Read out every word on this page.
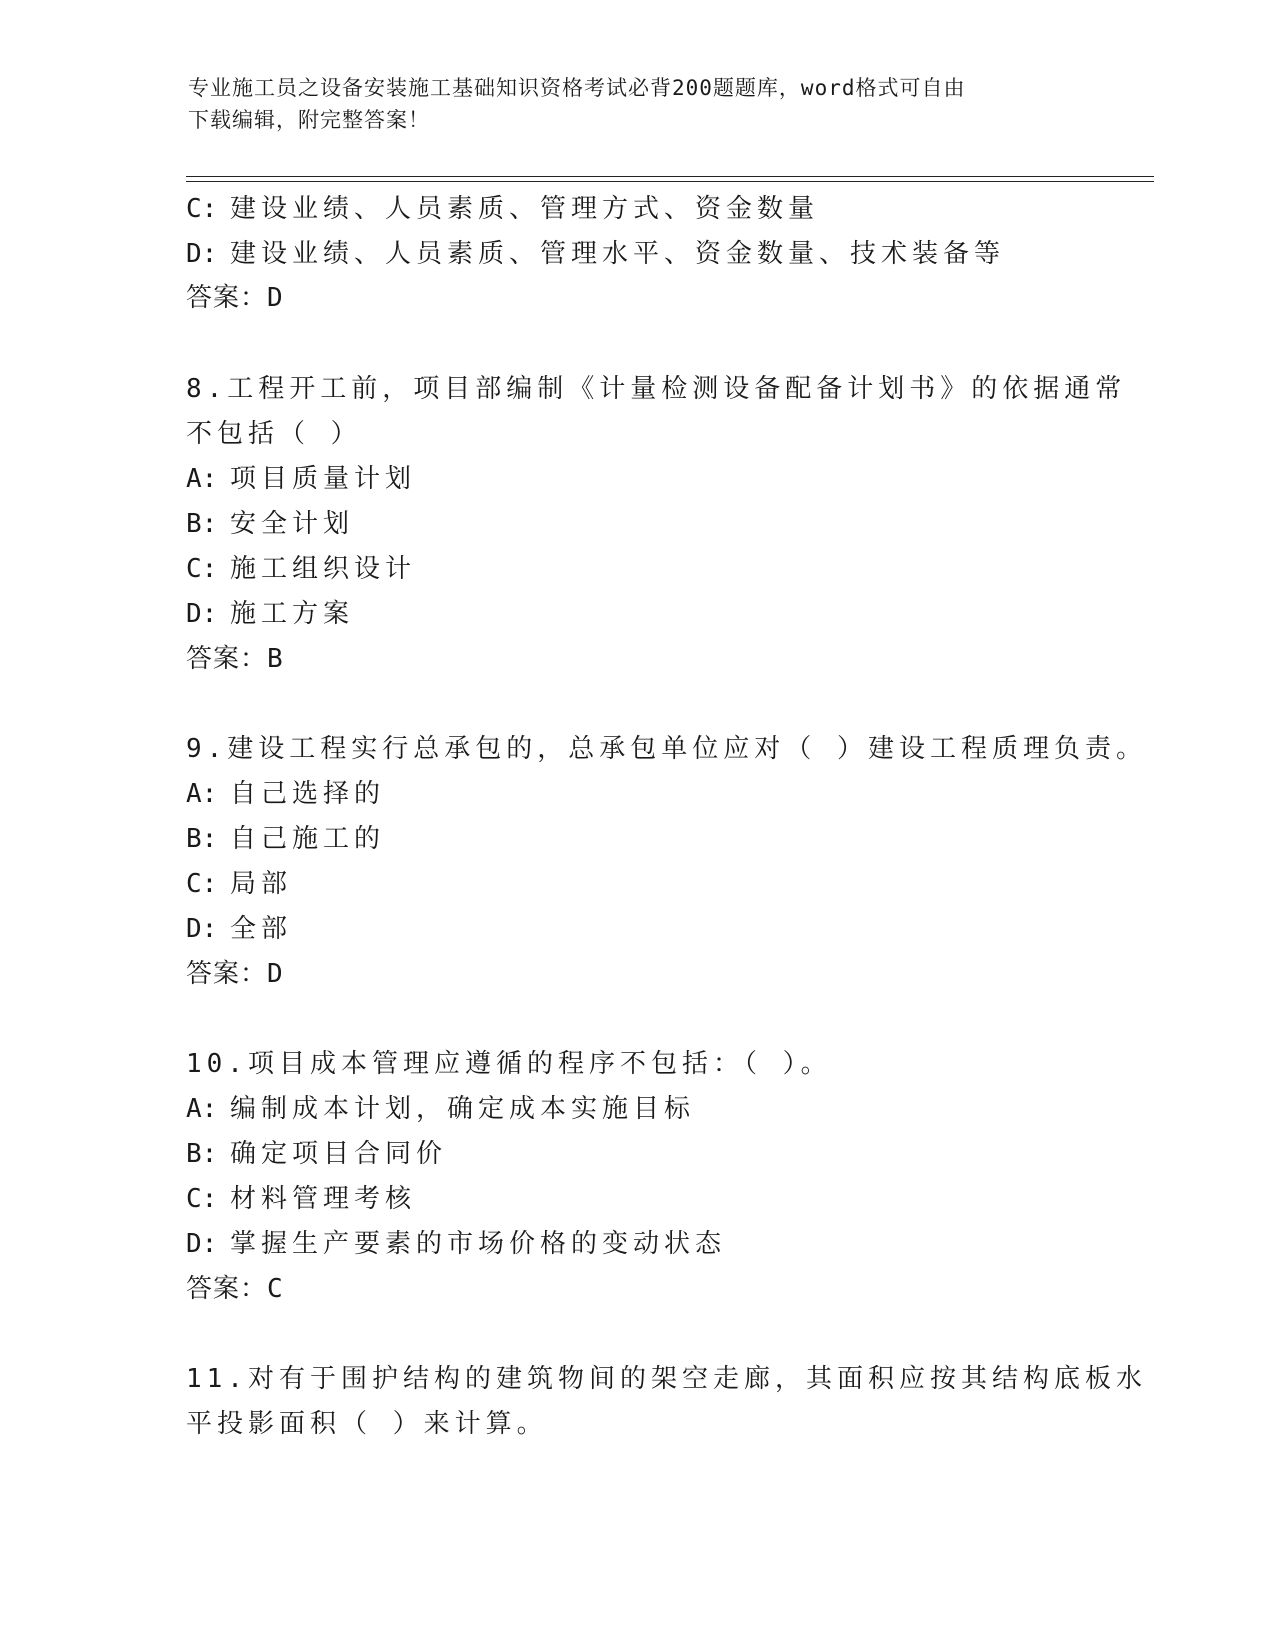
专业施工员之设备安装施工基础知识资格考试必背200题题库，word格式可自由
下载编辑，附完整答案！
C: 建设业绩、人员素质、管理方式、资金数量
D: 建设业绩、人员素质、管理水平、资金数量、技术装备等
答案：D
8.工程开工前，项目部编制《计量检测设备配备计划书》的依据通常
不包括（ ）
A: 项目质量计划
B: 安全计划
C: 施工组织设计
D: 施工方案
答案：B
9.建设工程实行总承包的，总承包单位应对（ ）建设工程质理负责。
A: 自己选择的
B: 自己施工的
C: 局部
D: 全部
答案：D
10.项目成本管理应遵循的程序不包括：（ ）。
A: 编制成本计划，确定成本实施目标
B: 确定项目合同价
C: 材料管理考核
D: 掌握生产要素的市场价格的变动状态
答案：C
11.对有于围护结构的建筑物间的架空走廊，其面积应按其结构底板水
平投影面积（ ）来计算。
